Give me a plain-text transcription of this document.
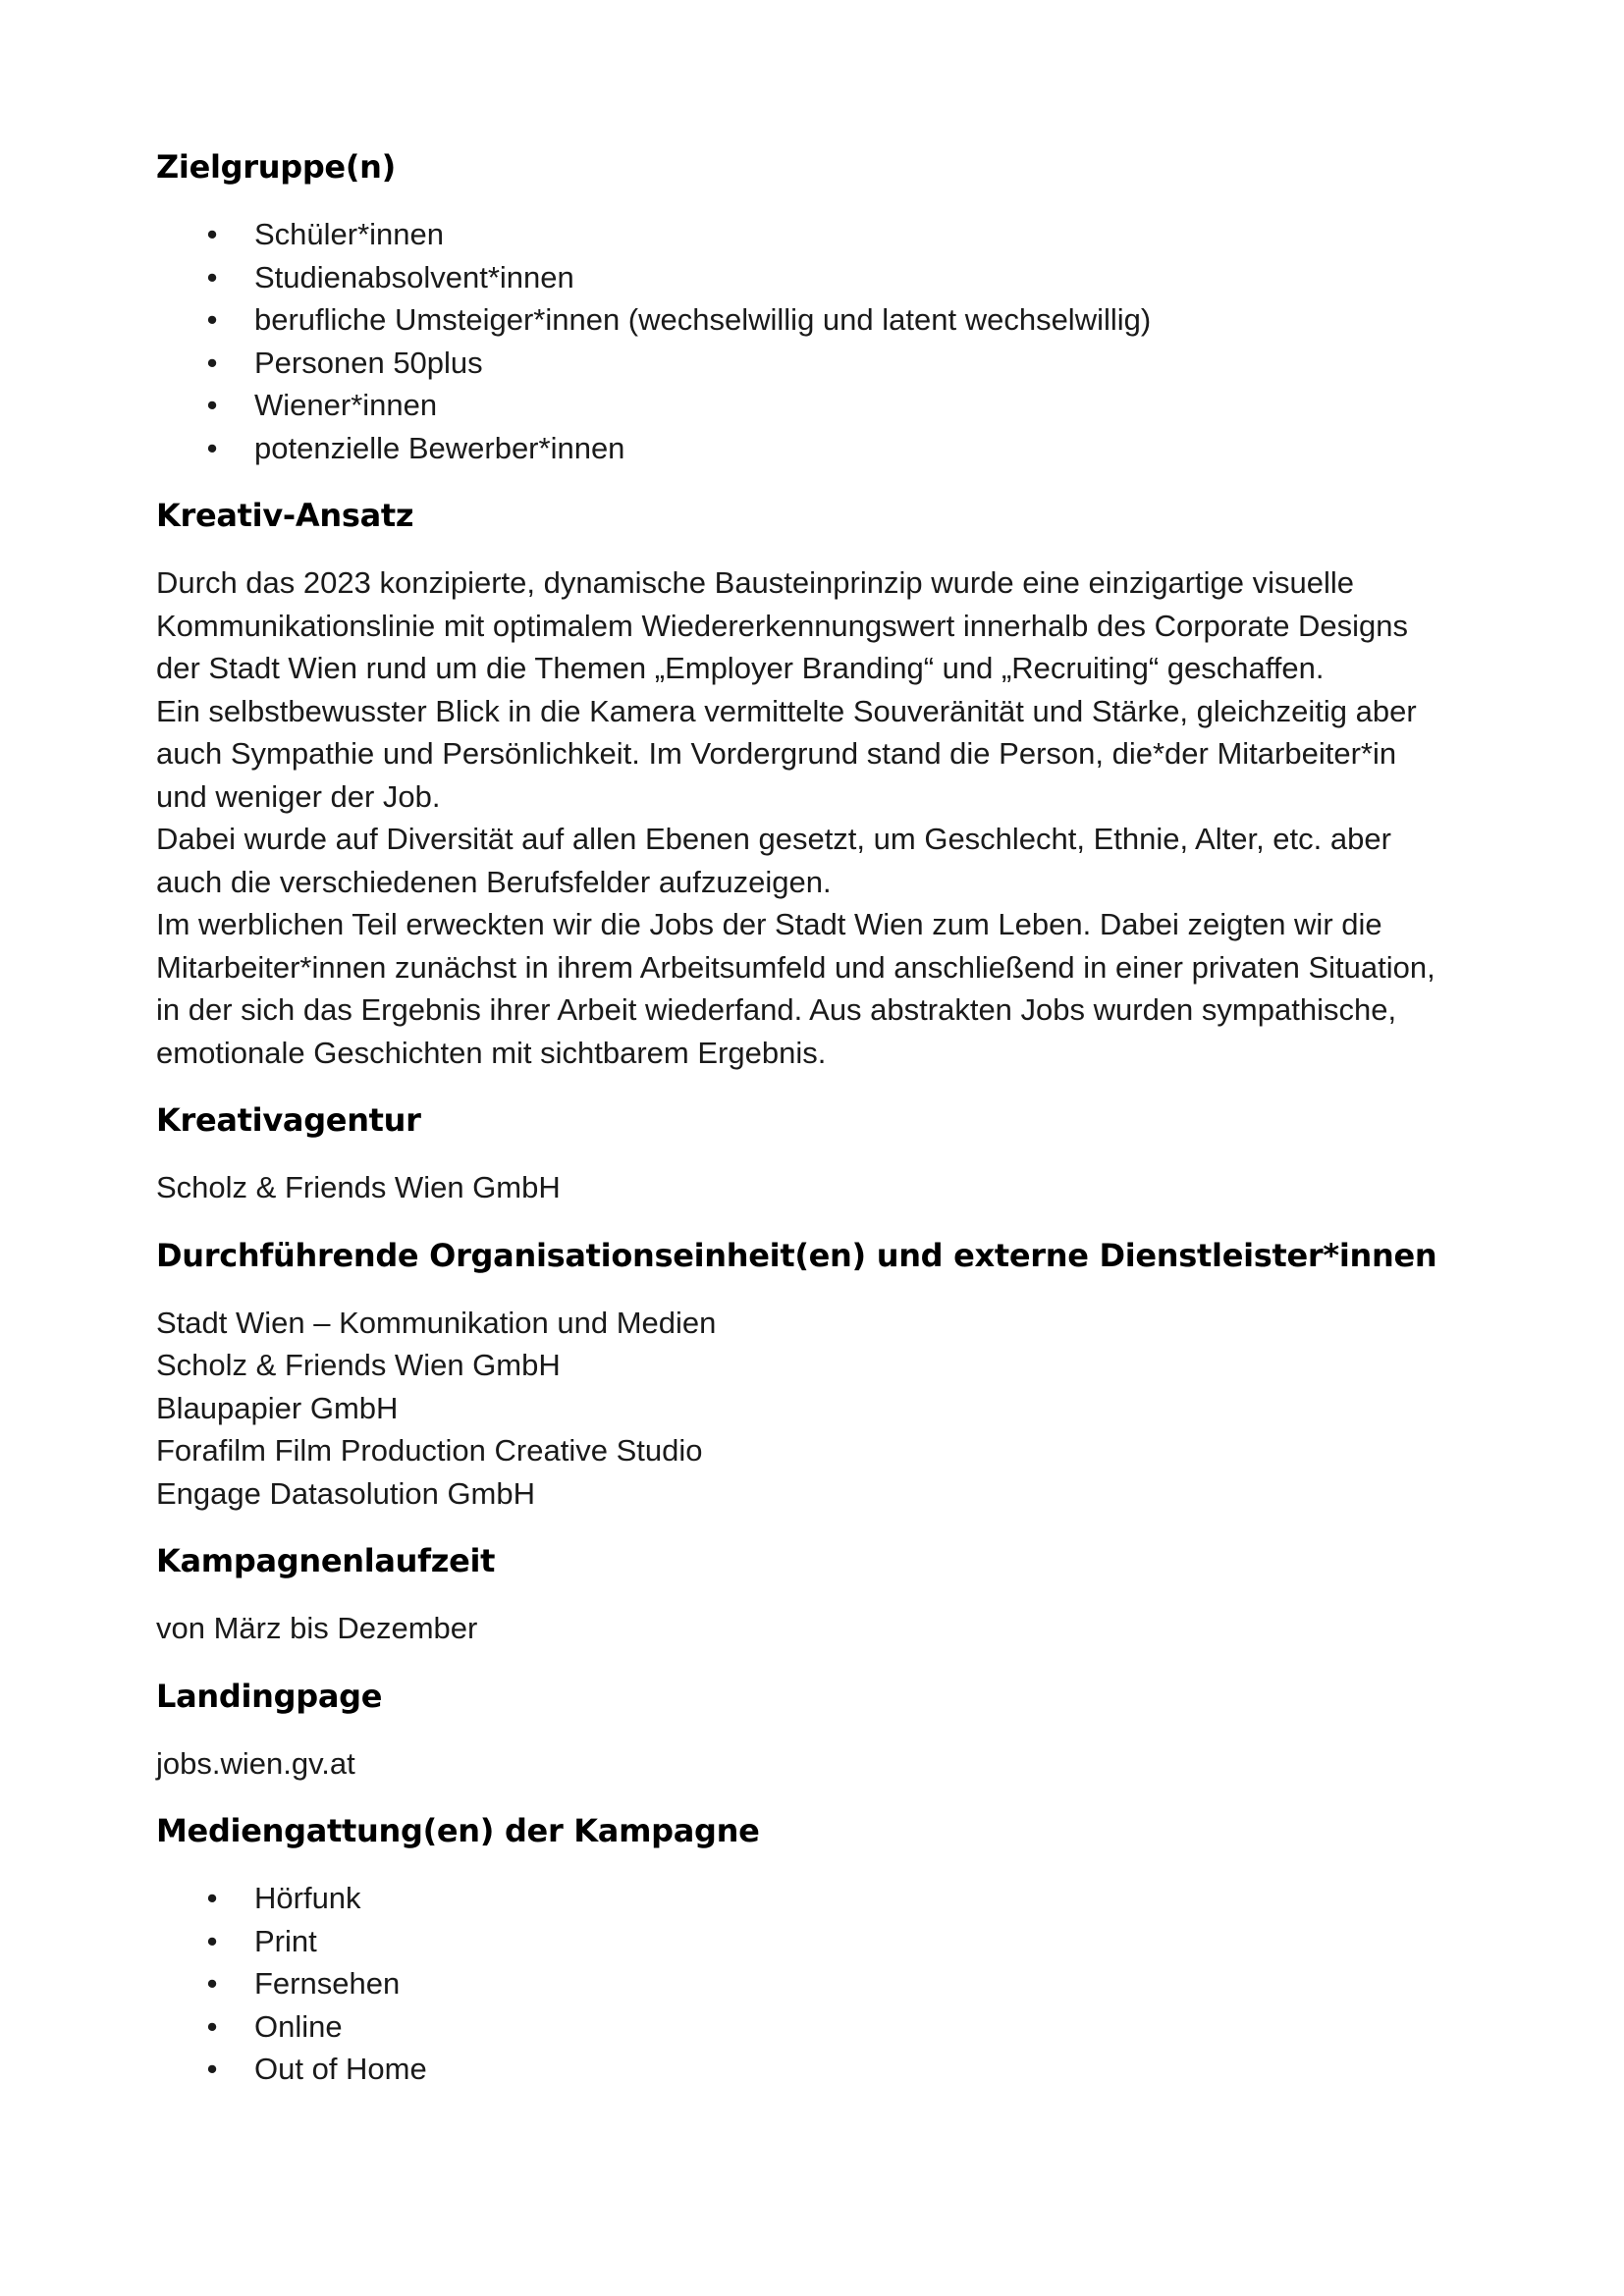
Zielgruppe(n)
• Schüler*innen
• Studienabsolvent*innen
• berufliche Umsteiger*innen (wechselwillig und latent wechselwillig)
• Personen 50plus
• Wiener*innen
• potenzielle Bewerber*innen
Kreativ-Ansatz

Durch das 2023 konzipierte, dynamische Bausteinprinzip wurde eine einzigartige visuelle

Kommunikationslinie mit optimalem Wiedererkennungswert innerhalb des Corporate Designs

der Stadt Wien rund um die Themen „Employer Branding“ und „Recruiting“ geschaffen.

Ein selbstbewusster Blick in die Kamera vermittelte Souveränität und Stärke, gleichzeitig aber

auch Sympathie und Persönlichkeit. Im Vordergrund stand die Person, die*der Mitarbeiter*in

und weniger der Job.

Dabei wurde auf Diversität auf allen Ebenen gesetzt, um Geschlecht, Ethnie, Alter, etc. aber

auch die verschiedenen Berufsfelder aufzuzeigen.

Im werblichen Teil erweckten wir die Jobs der Stadt Wien zum Leben. Dabei zeigten wir die

Mitarbeiter*innen zunächst in ihrem Arbeitsumfeld und anschließend in einer privaten Situation,

in der sich das Ergebnis ihrer Arbeit wiederfand. Aus abstrakten Jobs wurden sympathische,

emotionale Geschichten mit sichtbarem Ergebnis.

Kreativagentur

Scholz & Friends Wien GmbH

Durchführende Organisationseinheit(en) und externe Dienstleister*innen

Stadt Wien – Kommunikation und Medien

Scholz & Friends Wien GmbH

Blaupapier GmbH

Forafilm Film Production Creative Studio

Engage Datasolution GmbH

Kampagnenlaufzeit

von März bis Dezember

Landingpage

jobs.wien.gv.at

Mediengattung(en) der Kampagne
• Hörfunk
• Print
• Fernsehen
• Online
• Out of Home
